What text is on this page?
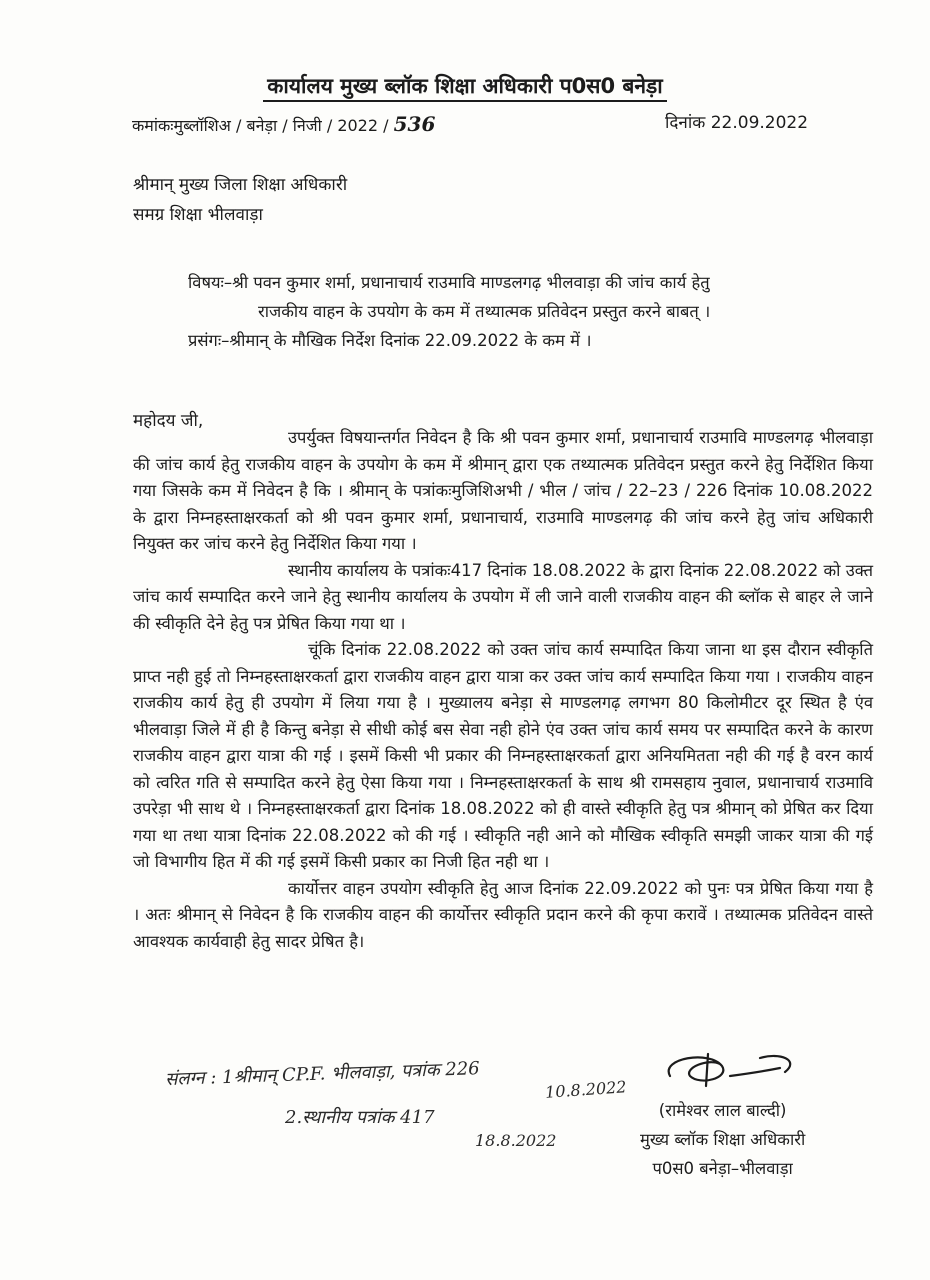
कार्यालय मुख्य ब्लॉक शिक्षा अधिकारी प0स0 बनेड़ा
कमांकःमुब्लॉशिअ / बनेड़ा / निजी / 2022 / 536	दिनांक 22.09.2022
श्रीमान् मुख्य जिला शिक्षा अधिकारी
समग्र शिक्षा भीलवाड़ा
विषयः–श्री पवन कुमार शर्मा, प्रधानाचार्य राउमावि माण्डलगढ़ भीलवाड़ा की जांच कार्य हेतु
राजकीय वाहन के उपयोग के कम में तथ्यात्मक प्रतिवेदन प्रस्तुत करने बाबत् ।
प्रसंगः–श्रीमान् के मौखिक निर्देश दिनांक 22.09.2022 के कम में ।
महोदय जी,

उपर्युक्त विषयान्तर्गत निवेदन है कि श्री पवन कुमार शर्मा, प्रधानाचार्य राउमावि माण्डलगढ़ भीलवाड़ा की जांच कार्य हेतु राजकीय वाहन के उपयोग के कम में श्रीमान् द्वारा एक तथ्यात्मक प्रतिवेदन प्रस्तुत करने हेतु निर्देशित किया गया जिसके कम में निवेदन है कि । श्रीमान् के पत्रांकःमुजिशिअभी / भील / जांच / 22–23 / 226 दिनांक 10.08.2022 के द्वारा निम्नहस्ताक्षरकर्ता को श्री पवन कुमार शर्मा, प्रधानाचार्य, राउमावि माण्डलगढ़ की जांच करने हेतु जांच अधिकारी नियुक्त कर जांच करने हेतु निर्देशित किया गया ।

स्थानीय कार्यालय के पत्रांकः417 दिनांक 18.08.2022 के द्वारा दिनांक 22.08.2022 को उक्त जांच कार्य सम्पादित करने जाने हेतु स्थानीय कार्यालय के उपयोग में ली जाने वाली राजकीय वाहन की ब्लॉक से बाहर ले जाने की स्वीकृति देने हेतु पत्र प्रेषित किया गया था ।

चूंकि दिनांक 22.08.2022 को उक्त जांच कार्य सम्पादित किया जाना था इस दौरान स्वीकृति प्राप्त नही हुई तो निम्नहस्ताक्षरकर्ता द्वारा राजकीय वाहन द्वारा यात्रा कर उक्त जांच कार्य सम्पादित किया गया । राजकीय वाहन राजकीय कार्य हेतु ही उपयोग में लिया गया है । मुख्यालय बनेड़ा से माण्डलगढ़ लगभग 80 किलोमीटर दूर स्थित है एंव भीलवाड़ा जिले में ही है किन्तु बनेड़ा से सीधी कोई बस सेवा नही होने एंव उक्त जांच कार्य समय पर सम्पादित करने के कारण राजकीय वाहन द्वारा यात्रा की गई । इसमें किसी भी प्रकार की निम्नहस्ताक्षरकर्ता द्वारा अनियमितता नही की गई है वरन कार्य को त्वरित गति से सम्पादित करने हेतु ऐसा किया गया । निम्नहस्ताक्षरकर्ता के साथ श्री रामसहाय नुवाल, प्रधानाचार्य राउमावि उपरेड़ा भी साथ थे । निम्नहस्ताक्षरकर्ता द्वारा दिनांक 18.08.2022 को ही वास्ते स्वीकृति हेतु पत्र श्रीमान् को प्रेषित कर दिया गया था तथा यात्रा दिनांक 22.08.2022 को की गई । स्वीकृति नही आने को मौखिक स्वीकृति समझी जाकर यात्रा की गई जो विभागीय हित में की गई इसमें किसी प्रकार का निजी हित नही था ।

कार्योत्तर वाहन उपयोग स्वीकृति हेतु आज दिनांक 22.09.2022 को पुनः पत्र प्रेषित किया गया है । अतः श्रीमान् से निवेदन है कि राजकीय वाहन की कार्योत्तर स्वीकृति प्रदान करने की कृपा करावें । तथ्यात्मक प्रतिवेदन वास्ते आवश्यक कार्यवाही हेतु सादर प्रेषित है।

संलग्न : 1श्रीमान् CP.F. भीलवाड़ा, पत्रांक 226	10.8.2022
2.स्थानीय पत्रांक 417
18.8.2022
(रामेश्वर लाल बाल्दी)
मुख्य ब्लॉक शिक्षा अधिकारी
प0स0 बनेड़ा–भीलवाड़ा
